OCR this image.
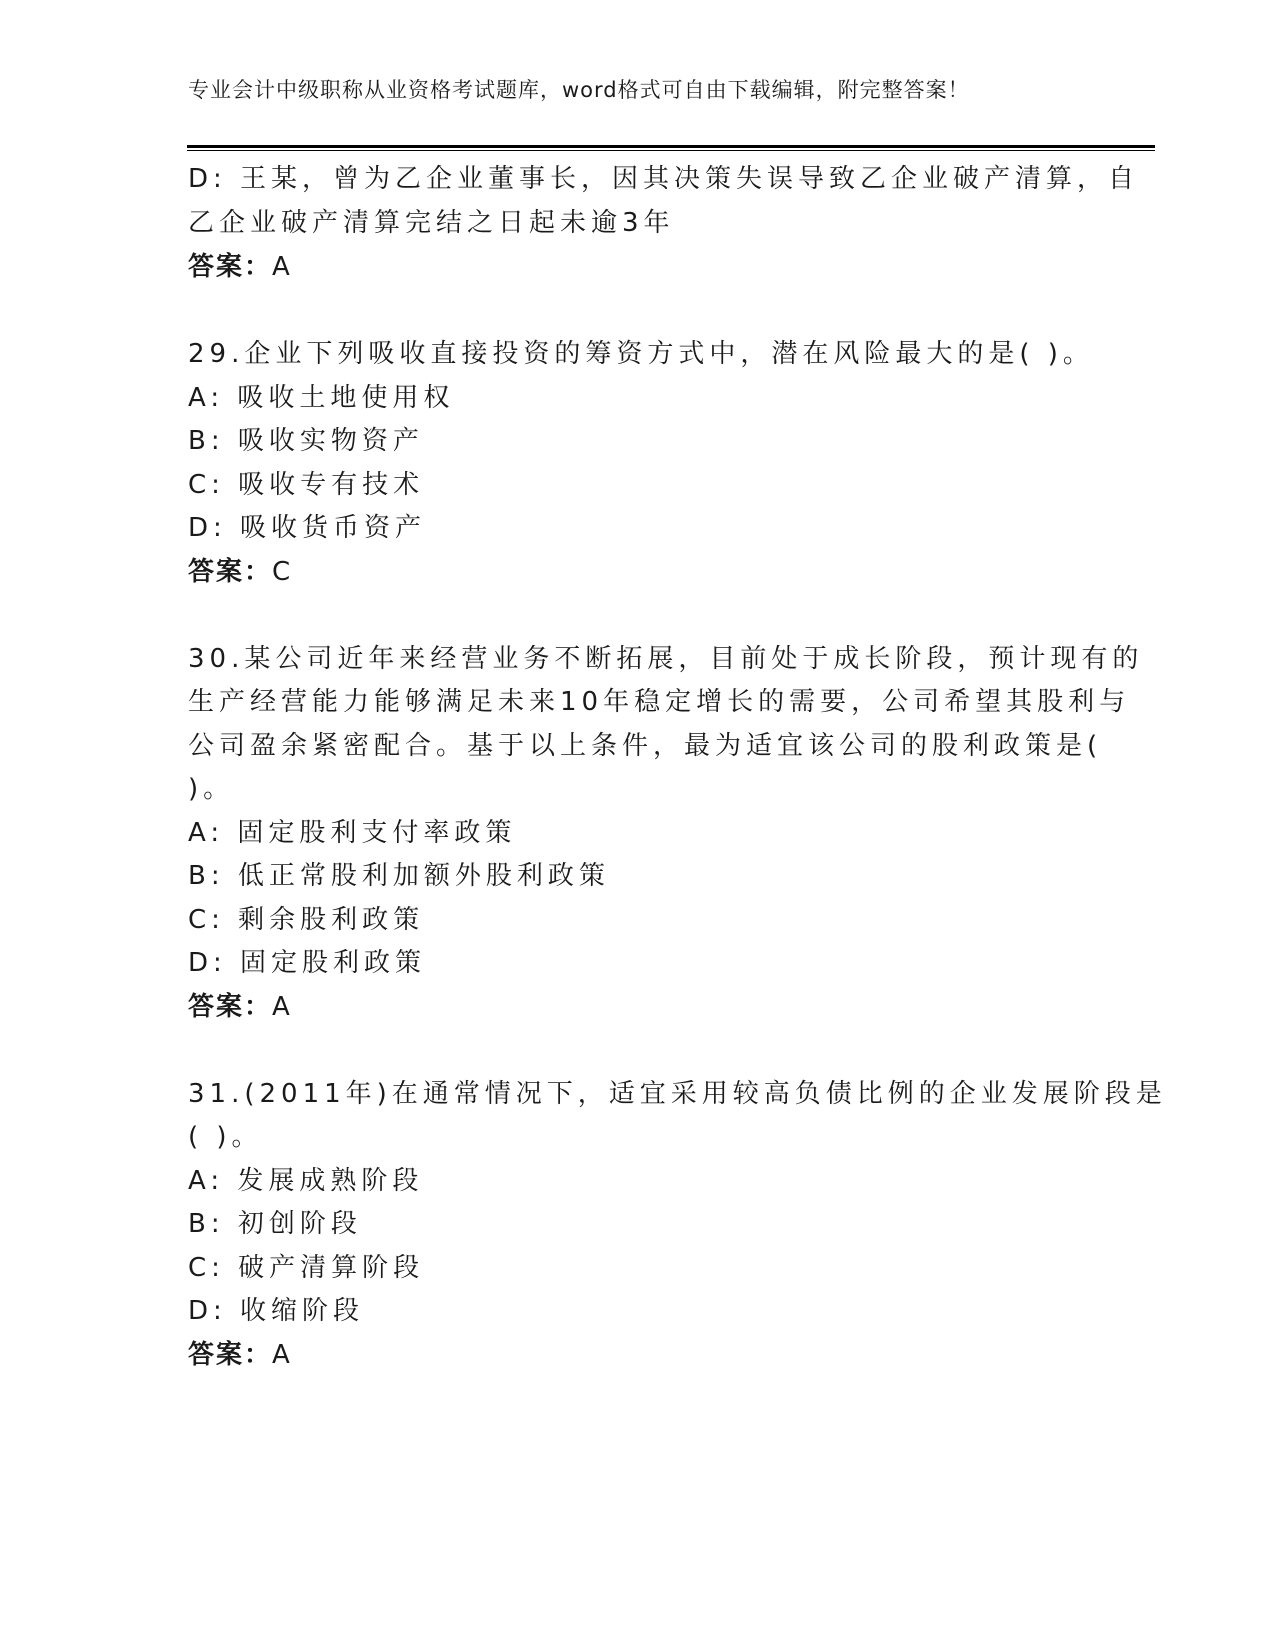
专业会计中级职称从业资格考试题库，word格式可自由下载编辑，附完整答案！
D: 王某，曾为乙企业董事长，因其决策失误导致乙企业破产清算，自
乙企业破产清算完结之日起未逾3年
答案：A
29.企业下列吸收直接投资的筹资方式中，潜在风险最大的是( )。
A: 吸收土地使用权
B: 吸收实物资产
C: 吸收专有技术
D: 吸收货币资产
答案：C
30.某公司近年来经营业务不断拓展，目前处于成长阶段，预计现有的
生产经营能力能够满足未来10年稳定增长的需要，公司希望其股利与
公司盈余紧密配合。基于以上条件，最为适宜该公司的股利政策是(
)。
A: 固定股利支付率政策
B: 低正常股利加额外股利政策
C: 剩余股利政策
D: 固定股利政策
答案：A
31.(2011年)在通常情况下，适宜采用较高负债比例的企业发展阶段是
( )。
A: 发展成熟阶段
B: 初创阶段
C: 破产清算阶段
D: 收缩阶段
答案：A
